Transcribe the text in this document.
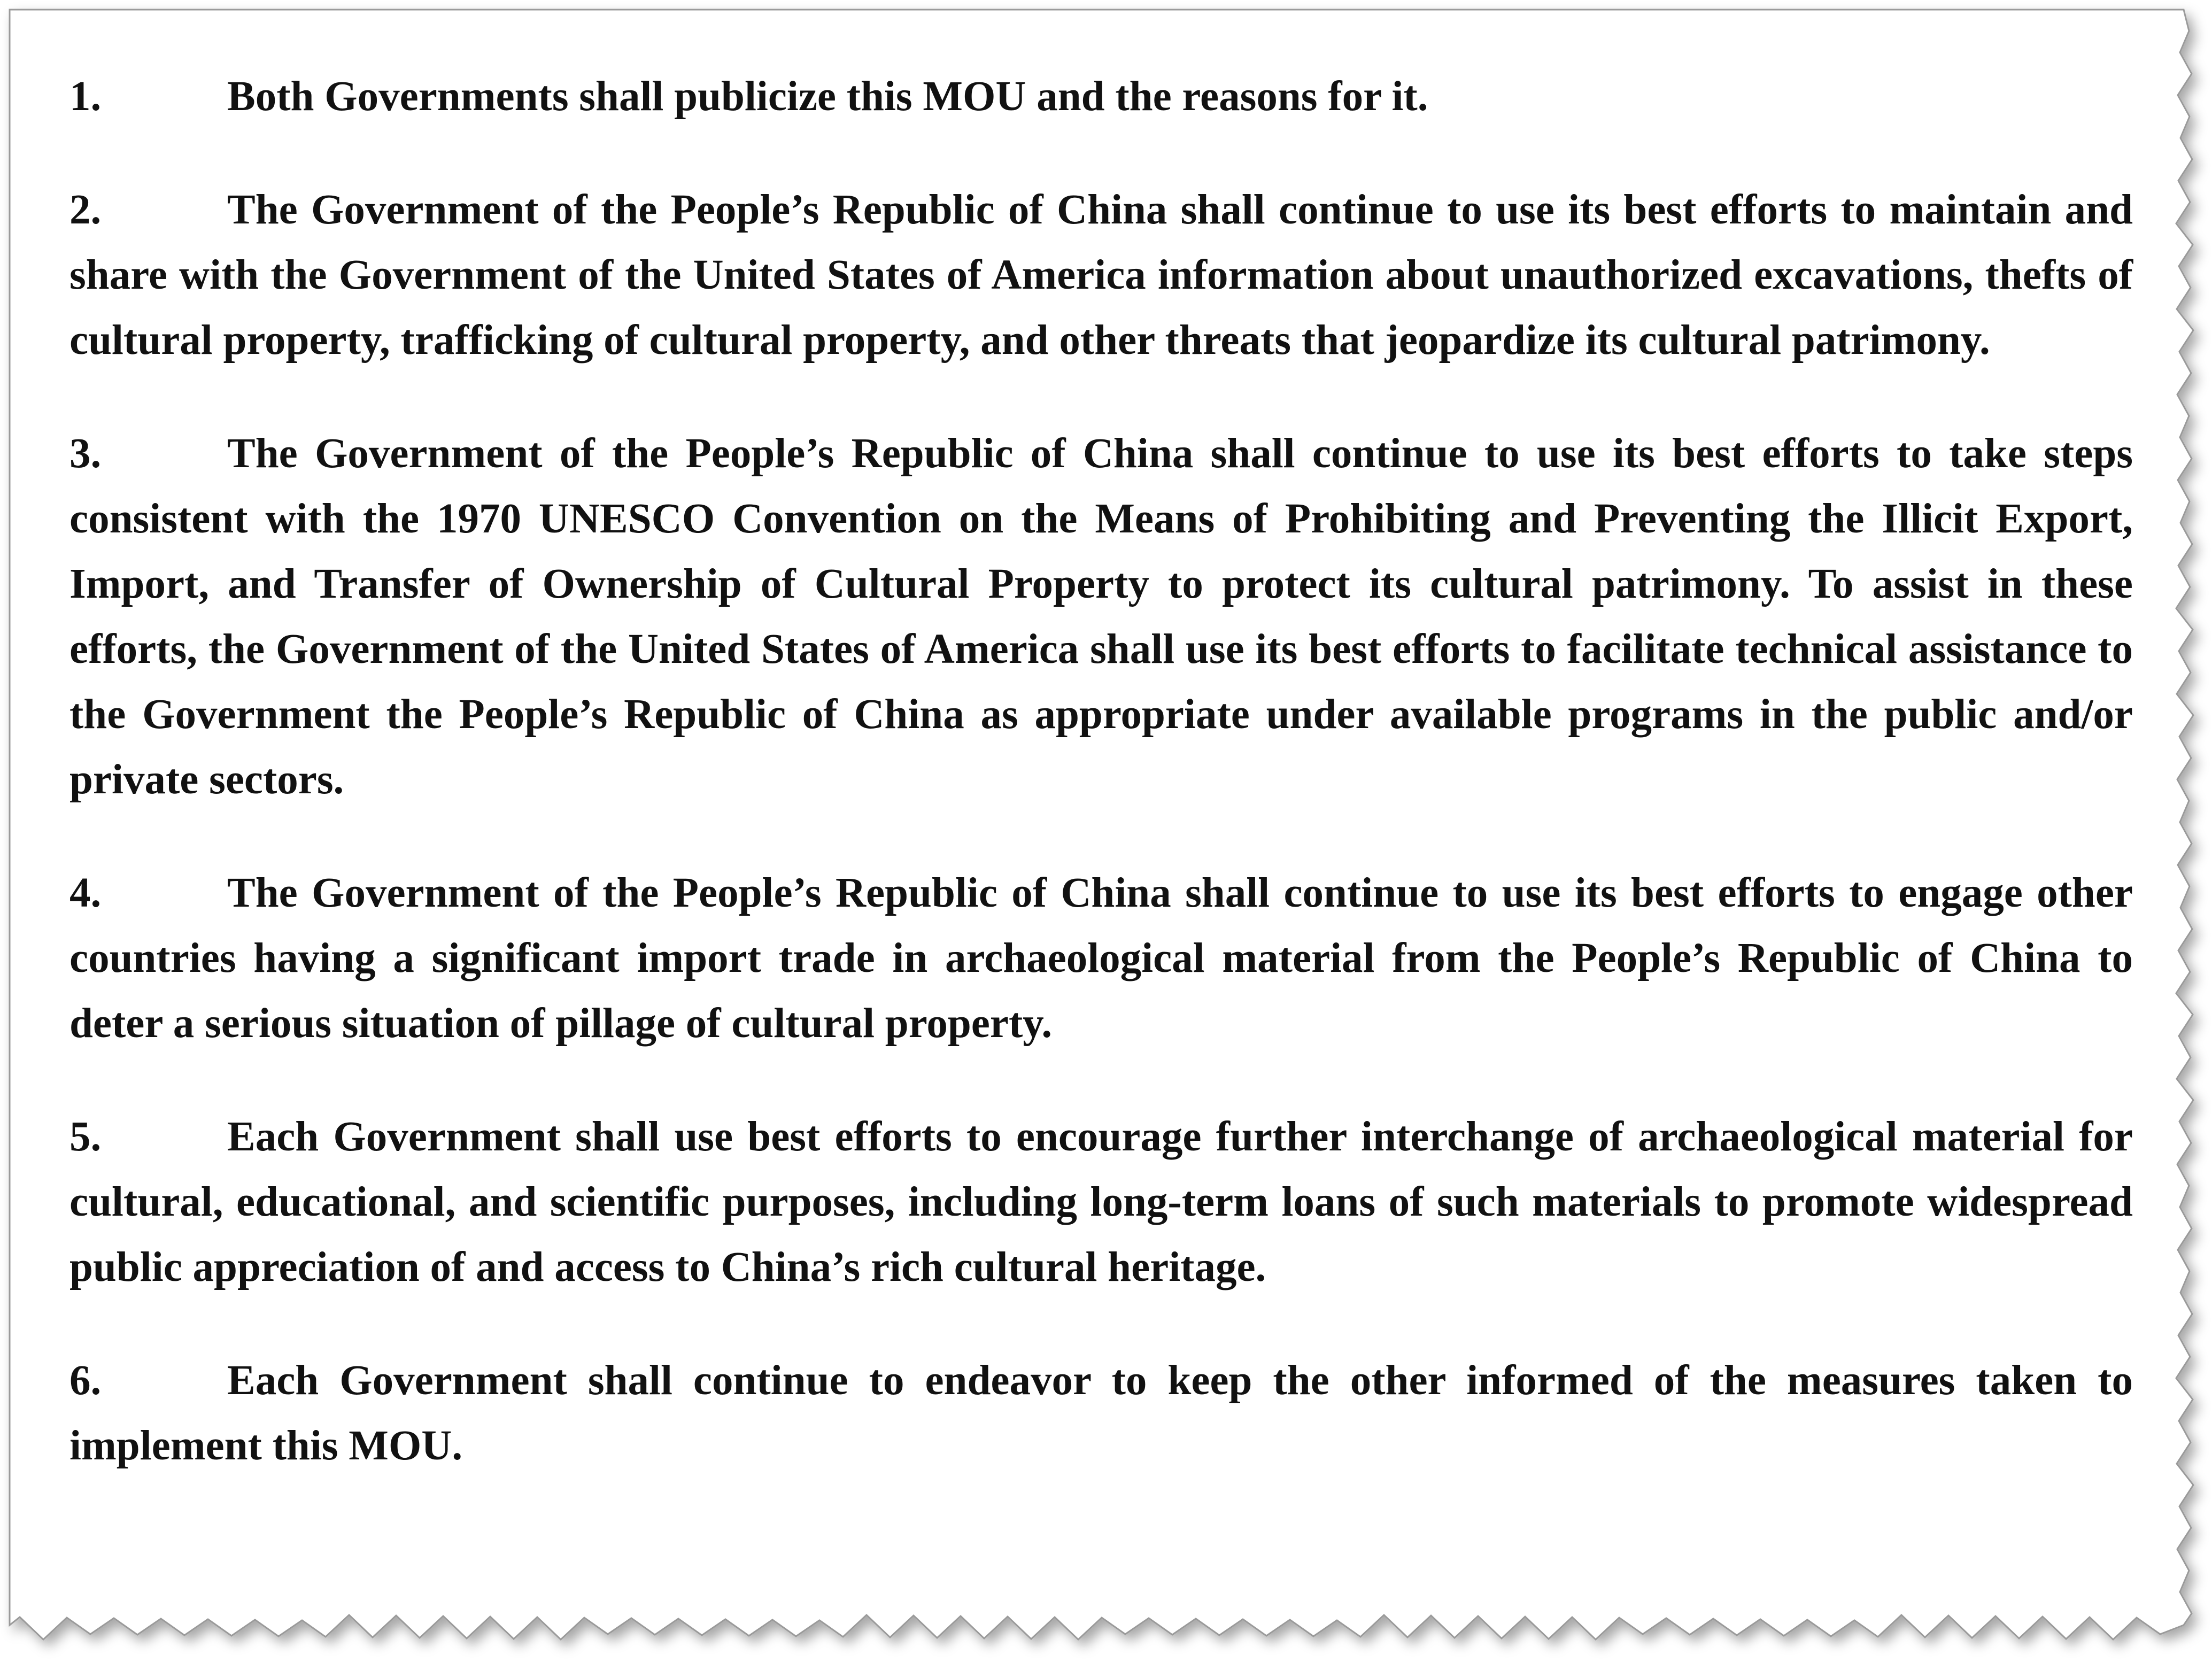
1.	Both Governments shall publicize this MOU and the reasons for it.

2.	The Government of the People’s Republic of China shall continue to use its best efforts to maintain and share with the Government of the United States of America information about unauthorized excavations, thefts of cultural property, trafficking of cultural property, and other threats that jeopardize its cultural patrimony.

3.	The Government of the People’s Republic of China shall continue to use its best efforts to take steps consistent with the 1970 UNESCO Convention on the Means of Prohibiting and Preventing the Illicit Export, Import, and Transfer of Ownership of Cultural Property to protect its cultural patrimony. To assist in these efforts, the Government of the United States of America shall use its best efforts to facilitate technical assistance to the Government the People’s Republic of China as appropriate under available programs in the public and/or private sectors.

4.	The Government of the People’s Republic of China shall continue to use its best efforts to engage other countries having a significant import trade in archaeological material from the People’s Republic of China to deter a serious situation of pillage of cultural property.

5.	Each Government shall use best efforts to encourage further interchange of archaeological material for cultural, educational, and scientific purposes, including long-term loans of such materials to promote widespread public appreciation of and access to China’s rich cultural heritage.

6.	Each Government shall continue to endeavor to keep the other informed of the measures taken to implement this MOU.
